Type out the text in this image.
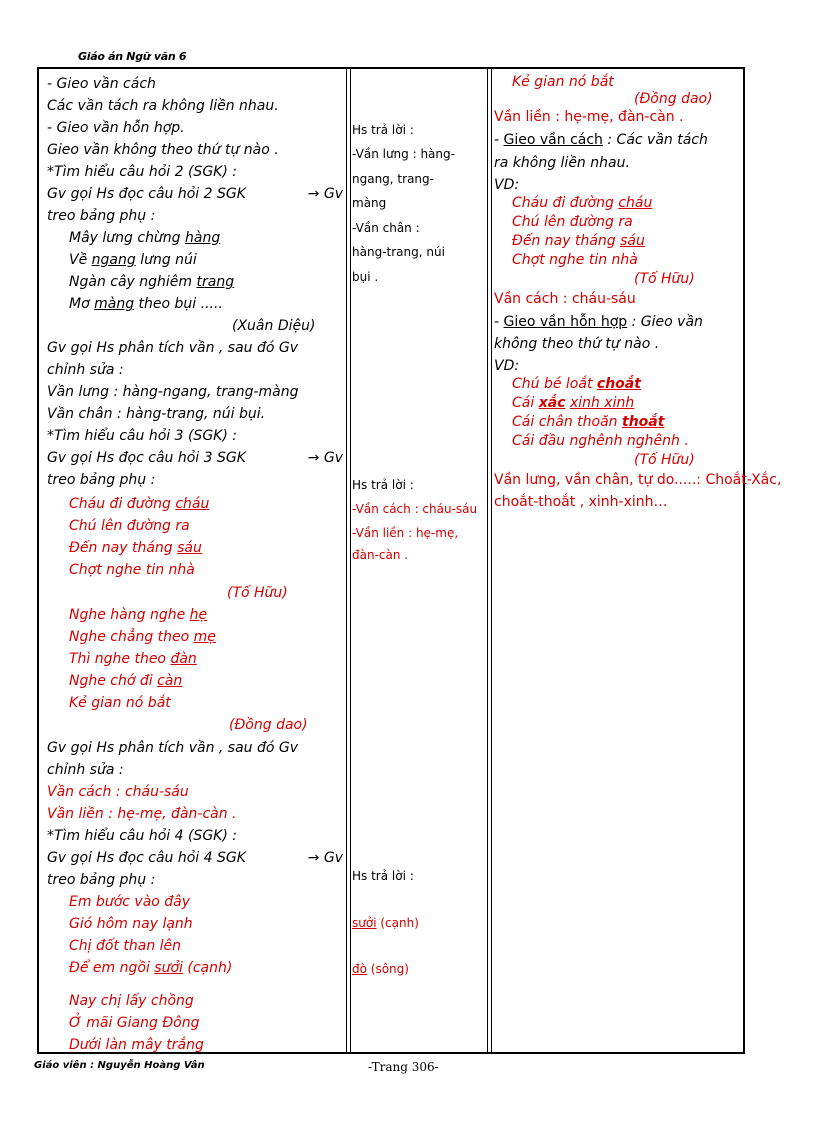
Giáo án Ngữ văn 6
- Gieo vần cách
Các vần tách ra không liền nhau.
- Gieo vần hỗn hợp.
Gieo vần không theo thứ tự nào .
*Tìm hiểu câu hỏi 2 (SGK) :
Gv gọi Hs đọc câu hỏi 2 SGK	→ Gv
treo bảng phụ :
Mây lưng chừng hàng
Về ngang lưng núi
Ngàn cây nghiêm trang
Mơ màng theo bụi .....
(Xuân Diệu)
Gv gọi Hs phân tích vần , sau đó Gv
chỉnh sửa :
Vần lưng : hàng-ngang, trang-màng
Vần chân : hàng-trang, núi bụi.
*Tìm hiểu câu hỏi 3 (SGK) :
Gv gọi Hs đọc câu hỏi 3 SGK	→ Gv
treo bảng phụ :
Cháu đi đường cháu
Chú lên đường ra
Đến nay tháng sáu
Chợt nghe tin nhà
(Tố Hữu)
Nghe hàng nghe hẹ
Nghe chẳng theo mẹ
Thì nghe theo đàn
Nghe chớ đi càn
Kẻ gian nó bắt
(Đồng dao)
Gv gọi Hs phân tích vần , sau đó Gv
chỉnh sửa :
Vần cách : cháu-sáu
Vần liền : hẹ-mẹ, đàn-càn .
*Tìm hiểu câu hỏi 4 (SGK) :
Gv gọi Hs đọc câu hỏi 4 SGK	→ Gv
treo bảng phụ :
Em bước vào đây
Gió hôm nay lạnh
Chị đốt than lên
Để em ngồi sưởi (cạnh)
Nay chị lấy chồng
Ở mãi Giang Đông
Dưới làn mây trắng
Hs trả lời :
-Vần lưng : hàng-
ngang, trang-
màng
-Vần chân :
hàng-trang, núi
bụi .
Hs trả lời :
-Vần cách : cháu-sáu
-Vần liền : hẹ-mẹ,
đàn-càn .
Hs trả lời :
sưởi (cạnh)
đò (sông)
Kẻ gian nó bắt
(Đồng dao)
Vần liền : hẹ-mẹ, đàn-càn .
- Gieo vần cách : Các vần tách
ra không liền nhau.
VD:
Cháu đi đường cháu
Chú lên đường ra
Đến nay tháng sáu
Chợt nghe tin nhà
(Tố Hữu)
Vần cách : cháu-sáu
- Gieo vần hỗn hợp : Gieo vần
không theo thứ tự nào .
VD:
Chú bé loắt choắt
Cái xắc xinh xinh
Cái chân thoăn thoắt
Cái đầu nghênh nghênh .
(Tố Hữu)
Vần lưng, vần chân, tự do.....: Choắt-Xắc,
choắt-thoắt , xinh-xinh…
Giáo viên : Nguyễn Hoàng Vân	-Trang 306-
